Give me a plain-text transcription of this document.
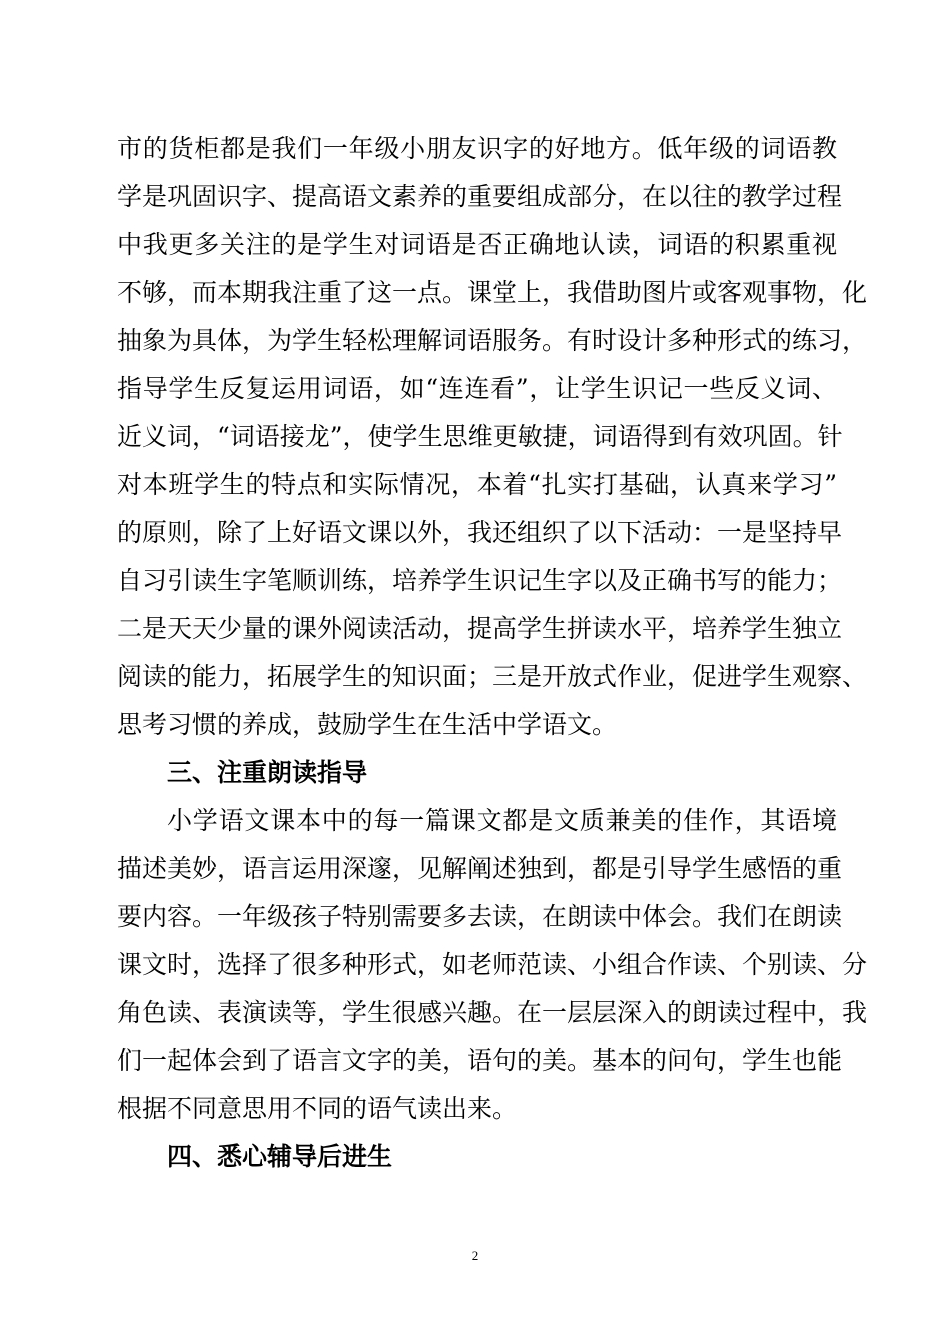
市的货柜都是我们一年级小朋友识字的好地方。低年级的词语教
学是巩固识字、提高语文素养的重要组成部分，在以往的教学过程
中我更多关注的是学生对词语是否正确地认读，词语的积累重视
不够，而本期我注重了这一点。课堂上，我借助图片或客观事物，化
抽象为具体，为学生轻松理解词语服务。有时设计多种形式的练习，
指导学生反复运用词语，如“连连看”，让学生识记一些反义词、
近义词，“词语接龙”，使学生思维更敏捷，词语得到有效巩固。针
对本班学生的特点和实际情况，本着“扎实打基础，认真来学习”
的原则，除了上好语文课以外，我还组织了以下活动：一是坚持早
自习引读生字笔顺训练，培养学生识记生字以及正确书写的能力；
二是天天少量的课外阅读活动，提高学生拼读水平，培养学生独立
阅读的能力，拓展学生的知识面；三是开放式作业，促进学生观察、
思考习惯的养成，鼓励学生在生活中学语文。
三、注重朗读指导
小学语文课本中的每一篇课文都是文质兼美的佳作，其语境
描述美妙，语言运用深邃，见解阐述独到，都是引导学生感悟的重
要内容。一年级孩子特别需要多去读，在朗读中体会。我们在朗读
课文时，选择了很多种形式，如老师范读、小组合作读、个别读、分
角色读、表演读等，学生很感兴趣。在一层层深入的朗读过程中，我
们一起体会到了语言文字的美，语句的美。基本的问句，学生也能
根据不同意思用不同的语气读出来。
四、悉心辅导后进生
2
